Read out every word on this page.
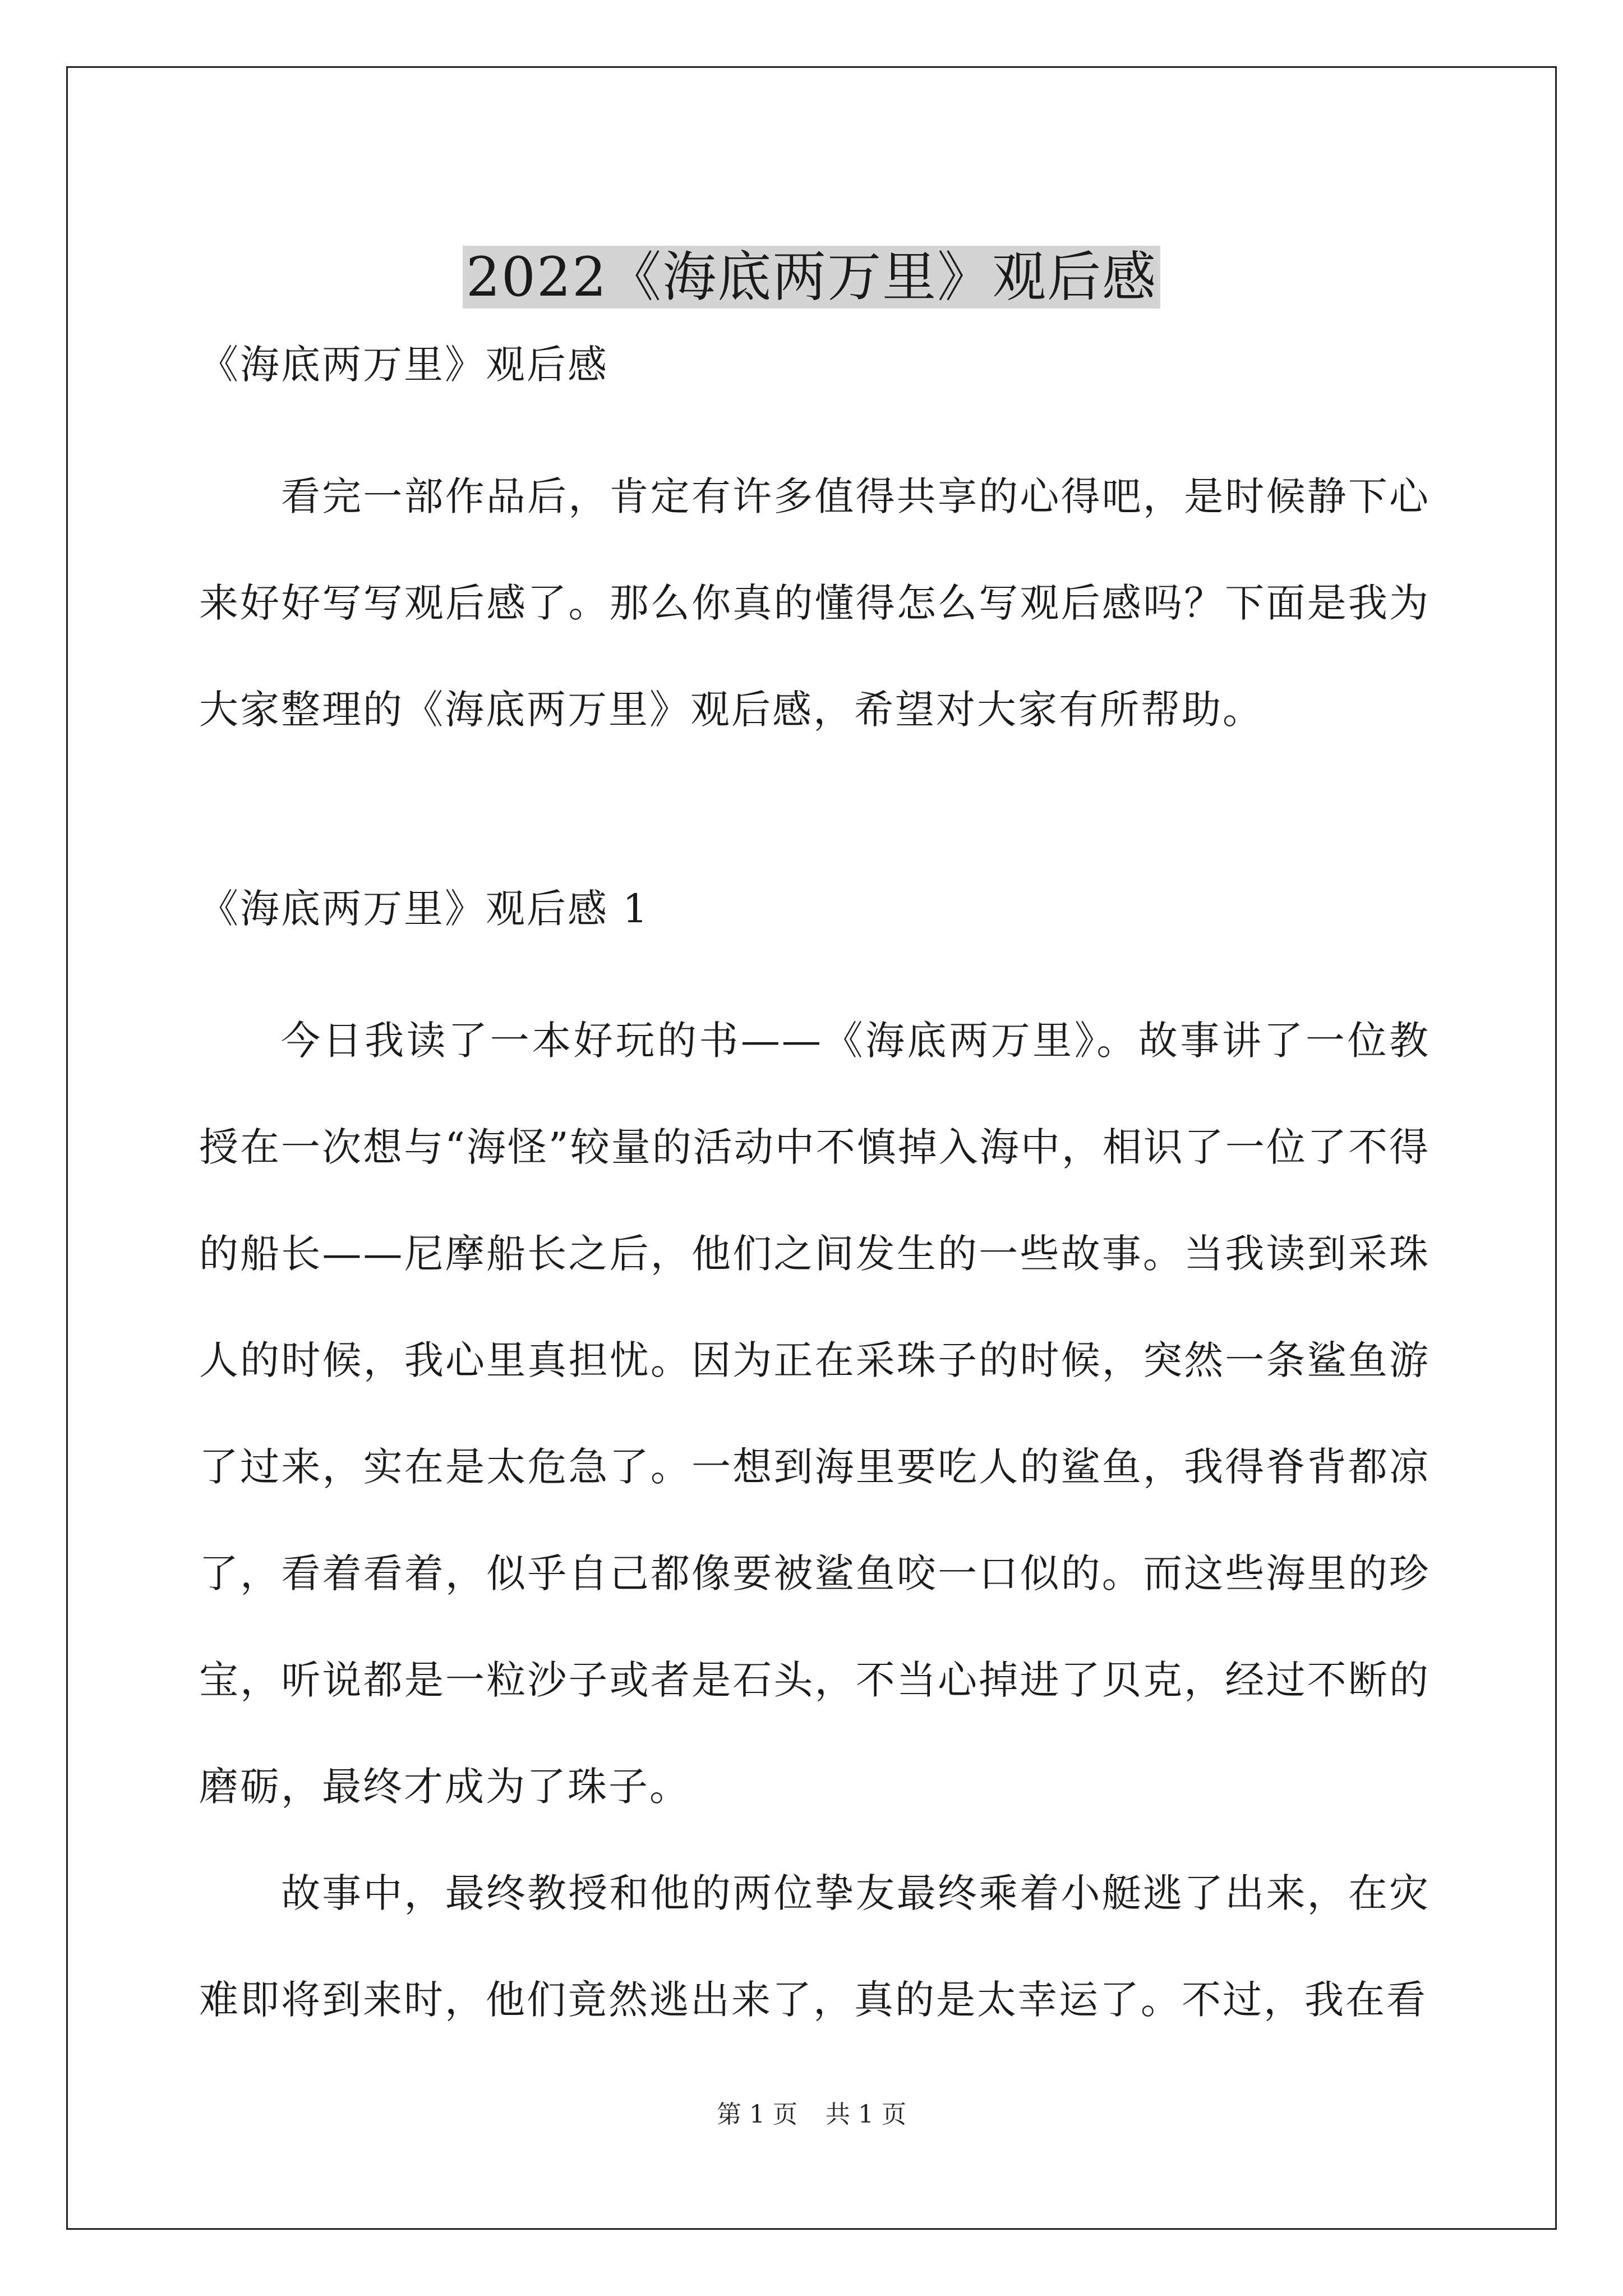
2022《海底两万里》观后感

《海底两万里》观后感

看完一部作品后，肯定有许多值得共享的心得吧，是时候静下心来好好写写观后感了。那么你真的懂得怎么写观后感吗？下面是我为大家整理的《海底两万里》观后感，希望对大家有所帮助。

《海底两万里》观后感 1

今日我读了一本好玩的书——《海底两万里》。故事讲了一位教授在一次想与“海怪”较量的活动中不慎掉入海中，相识了一位了不得的船长——尼摩船长之后，他们之间发生的一些故事。当我读到采珠人的时候，我心里真担忧。因为正在采珠子的时候，突然一条鲨鱼游了过来，实在是太危急了。一想到海里要吃人的鲨鱼，我得脊背都凉了，看着看着，似乎自己都像要被鲨鱼咬一口似的。而这些海里的珍宝，听说都是一粒沙子或者是石头，不当心掉进了贝克，经过不断的磨砺，最终才成为了珠子。

故事中，最终教授和他的两位挚友最终乘着小艇逃了出来，在灾难即将到来时，他们竟然逃出来了，真的是太幸运了。不过，我在看

第 1 页 共 1 页
